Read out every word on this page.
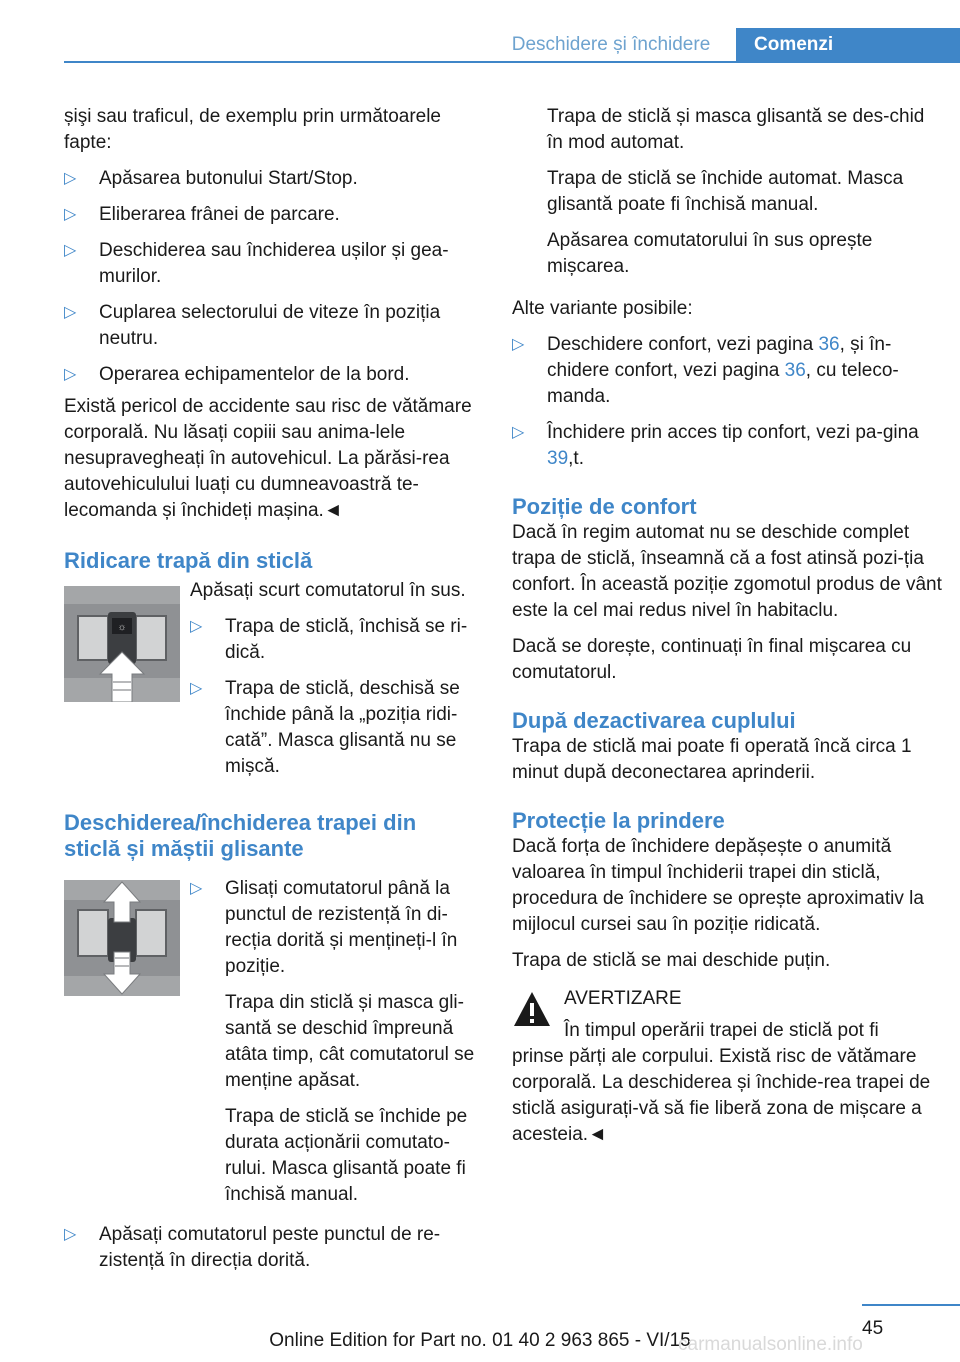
Deschidere și închidere	Comenzi

șişi sau traficul, de exemplu prin următoarele fapte:

▷ Apăsarea butonului Start/Stop.
▷ Eliberarea frânei de parcare.
▷ Deschiderea sau închiderea ușilor și gea-murilor.
▷ Cuplarea selectorului de viteze în poziția neutru.
▷ Operarea echipamentelor de la bord.

Există pericol de accidente sau risc de vătămare corporală. Nu lăsați copiii sau anima-lele nesupravegheați în autovehicul. La părăsi-rea autovehiculului luați cu dumneavoastră te-lecomanda și închideți mașina.◄

Ridicare trapă din sticlă
☼

Apăsați scurt comutatorul în sus.

▷ Trapa de sticlă, închisă se ri-dică.
▷ Trapa de sticlă, deschisă se închide până la „poziția ridi-cată”. Masca glisantă nu se mișcă.
Deschiderea/închiderea trapei din sticlă și măștii glisante
▷ Glisați comutatorul până la punctul de rezistență în di-recția dorită și mențineți-l în poziție.
Trapa din sticlă și masca gli-santă se deschid împreună atâta timp, cât comutatorul se menține apăsat.
Trapa de sticlă se închide pe durata acționării comutato-rului. Masca glisantă poate fi închisă manual.
▷ Apăsați comutatorul peste punctul de re-zistență în direcția dorită.
Trapa de sticlă și masca glisantă se des-chid în mod automat.
Trapa de sticlă se închide automat. Masca glisantă poate fi închisă manual.
Apăsarea comutatorului în sus oprește mișcarea.

Alte variante posibile:

▷ Deschidere confort, vezi pagina 36, și în-chidere confort, vezi pagina 36, cu teleco-manda.
▷ Închidere prin acces tip confort, vezi pa-gina 39,t.
Poziție de confort

Dacă în regim automat nu se deschide complet trapa de sticlă, înseamnă că a fost atinsă pozi-ția confort. În această poziție zgomotul produs de vânt este la cel mai redus nivel în habitaclu.

Dacă se dorește, continuați în final mișcarea cu comutatorul.

După dezactivarea cuplului

Trapa de sticlă mai poate fi operată încă circa 1 minut după deconectarea aprinderii.

Protecție la prindere

Dacă forța de închidere depășește o anumită valoarea în timpul închiderii trapei din sticlă, procedura de închidere se oprește aproximativ la mijlocul cursei sau în poziție ridicată.

Trapa de sticlă se mai deschide puțin.

AVERTIZARE

În timpul operării trapei de sticlă pot fi prinse părți ale corpului. Există risc de vătămare corporală. La deschiderea și închide-rea trapei de sticlă asigurați-vă să fie liberă zona de mișcare a acesteia.◄

45
Online Edition for Part no. 01 40 2 963 865 - VI/15
carmanualsonline.info
